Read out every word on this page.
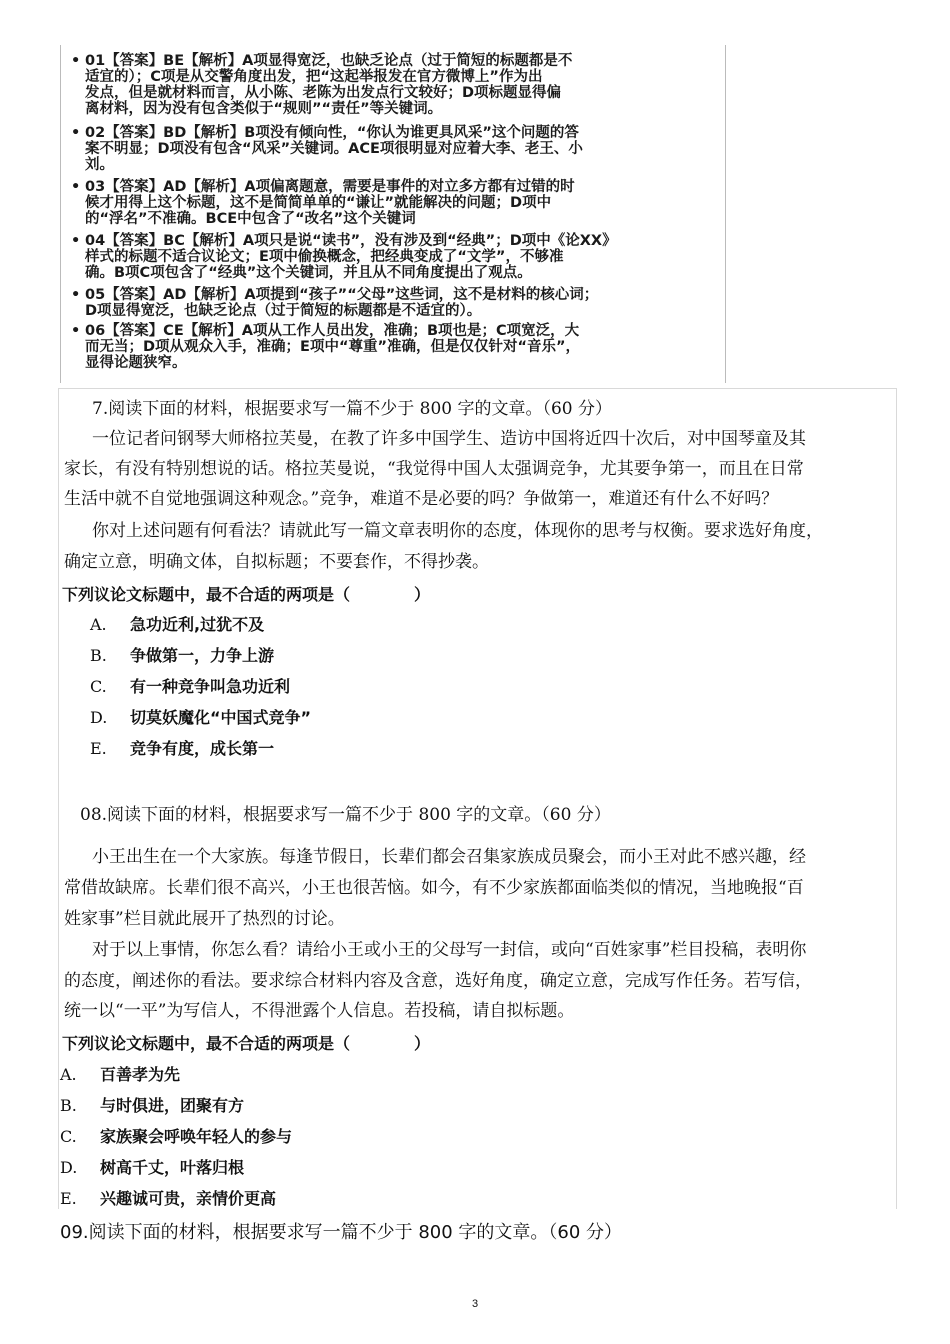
• 01【答案】BE【解析】A项显得宽泛，也缺乏论点（过于简短的标题都是不
适宜的）；C项是从交警角度出发，把“这起举报发在官方微博上”作为出
发点，但是就材料而言，从小陈、老陈为出发点行文较好；D项标题显得偏
离材料，因为没有包含类似于“规则”“责任”等关键词。
• 02【答案】BD【解析】B项没有倾向性，“你认为谁更具风采”这个问题的答
案不明显；D项没有包含“风采”关键词。ACE项很明显对应着大李、老王、小
刘。
• 03【答案】AD【解析】A项偏离题意，需要是事件的对立多方都有过错的时
候才用得上这个标题，这不是简简单单的“谦让”就能解决的问题；D项中
的“浮名”不准确。BCE中包含了“改名”这个关键词
• 04【答案】BC【解析】A项只是说“读书”，没有涉及到“经典”；D项中《论XX》
样式的标题不适合议论文；E项中偷换概念，把经典变成了“文学”，不够准
确。B项C项包含了“经典”这个关键词，并且从不同角度提出了观点。
• 05【答案】AD【解析】A项提到“孩子”“父母”这些词，这不是材料的核心词；
D项显得宽泛，也缺乏论点（过于简短的标题都是不适宜的）。
• 06【答案】CE【解析】A项从工作人员出发，准确；B项也是；C项宽泛，大
而无当；D项从观众入手，准确；E项中“尊重”准确，但是仅仅针对“音乐”，
显得论题狭窄。
7.阅读下面的材料，根据要求写一篇不少于 800 字的文章。（60 分）
一位记者问钢琴大师格拉芙曼，在教了许多中国学生、造访中国将近四十次后，对中国琴童及其
家长，有没有特别想说的话。格拉芙曼说，“我觉得中国人太强调竞争，尤其要争第一，而且在日常
生活中就不自觉地强调这种观念。”竞争，难道不是必要的吗？争做第一，难道还有什么不好吗？
你对上述问题有何看法？请就此写一篇文章表明你的态度，体现你的思考与权衡。要求选好角度，
确定立意，明确文体，自拟标题；不要套作，不得抄袭。
下列议论文标题中，最不合适的两项是（　　　　）
A. 急功近利,过犹不及
B. 争做第一，力争上游
C. 有一种竞争叫急功近利
D. 切莫妖魔化“中国式竞争”
E. 竞争有度，成长第一
08.阅读下面的材料，根据要求写一篇不少于 800 字的文章。（60 分）
小王出生在一个大家族。每逢节假日，长辈们都会召集家族成员聚会，而小王对此不感兴趣，经
常借故缺席。长辈们很不高兴，小王也很苦恼。如今，有不少家族都面临类似的情况，当地晚报“百
姓家事”栏目就此展开了热烈的讨论。
对于以上事情，你怎么看？请给小王或小王的父母写一封信，或向“百姓家事”栏目投稿，表明你
的态度，阐述你的看法。要求综合材料内容及含意，选好角度，确定立意，完成写作任务。若写信，
统一以“一平”为写信人，不得泄露个人信息。若投稿，请自拟标题。
下列议论文标题中，最不合适的两项是（　　　　）
A. 百善孝为先
B. 与时俱进，团聚有方
C. 家族聚会呼唤年轻人的参与
D. 树高千丈，叶落归根
E. 兴趣诚可贵，亲情价更高
09.阅读下面的材料，根据要求写一篇不少于 800 字的文章。（60 分）
3
